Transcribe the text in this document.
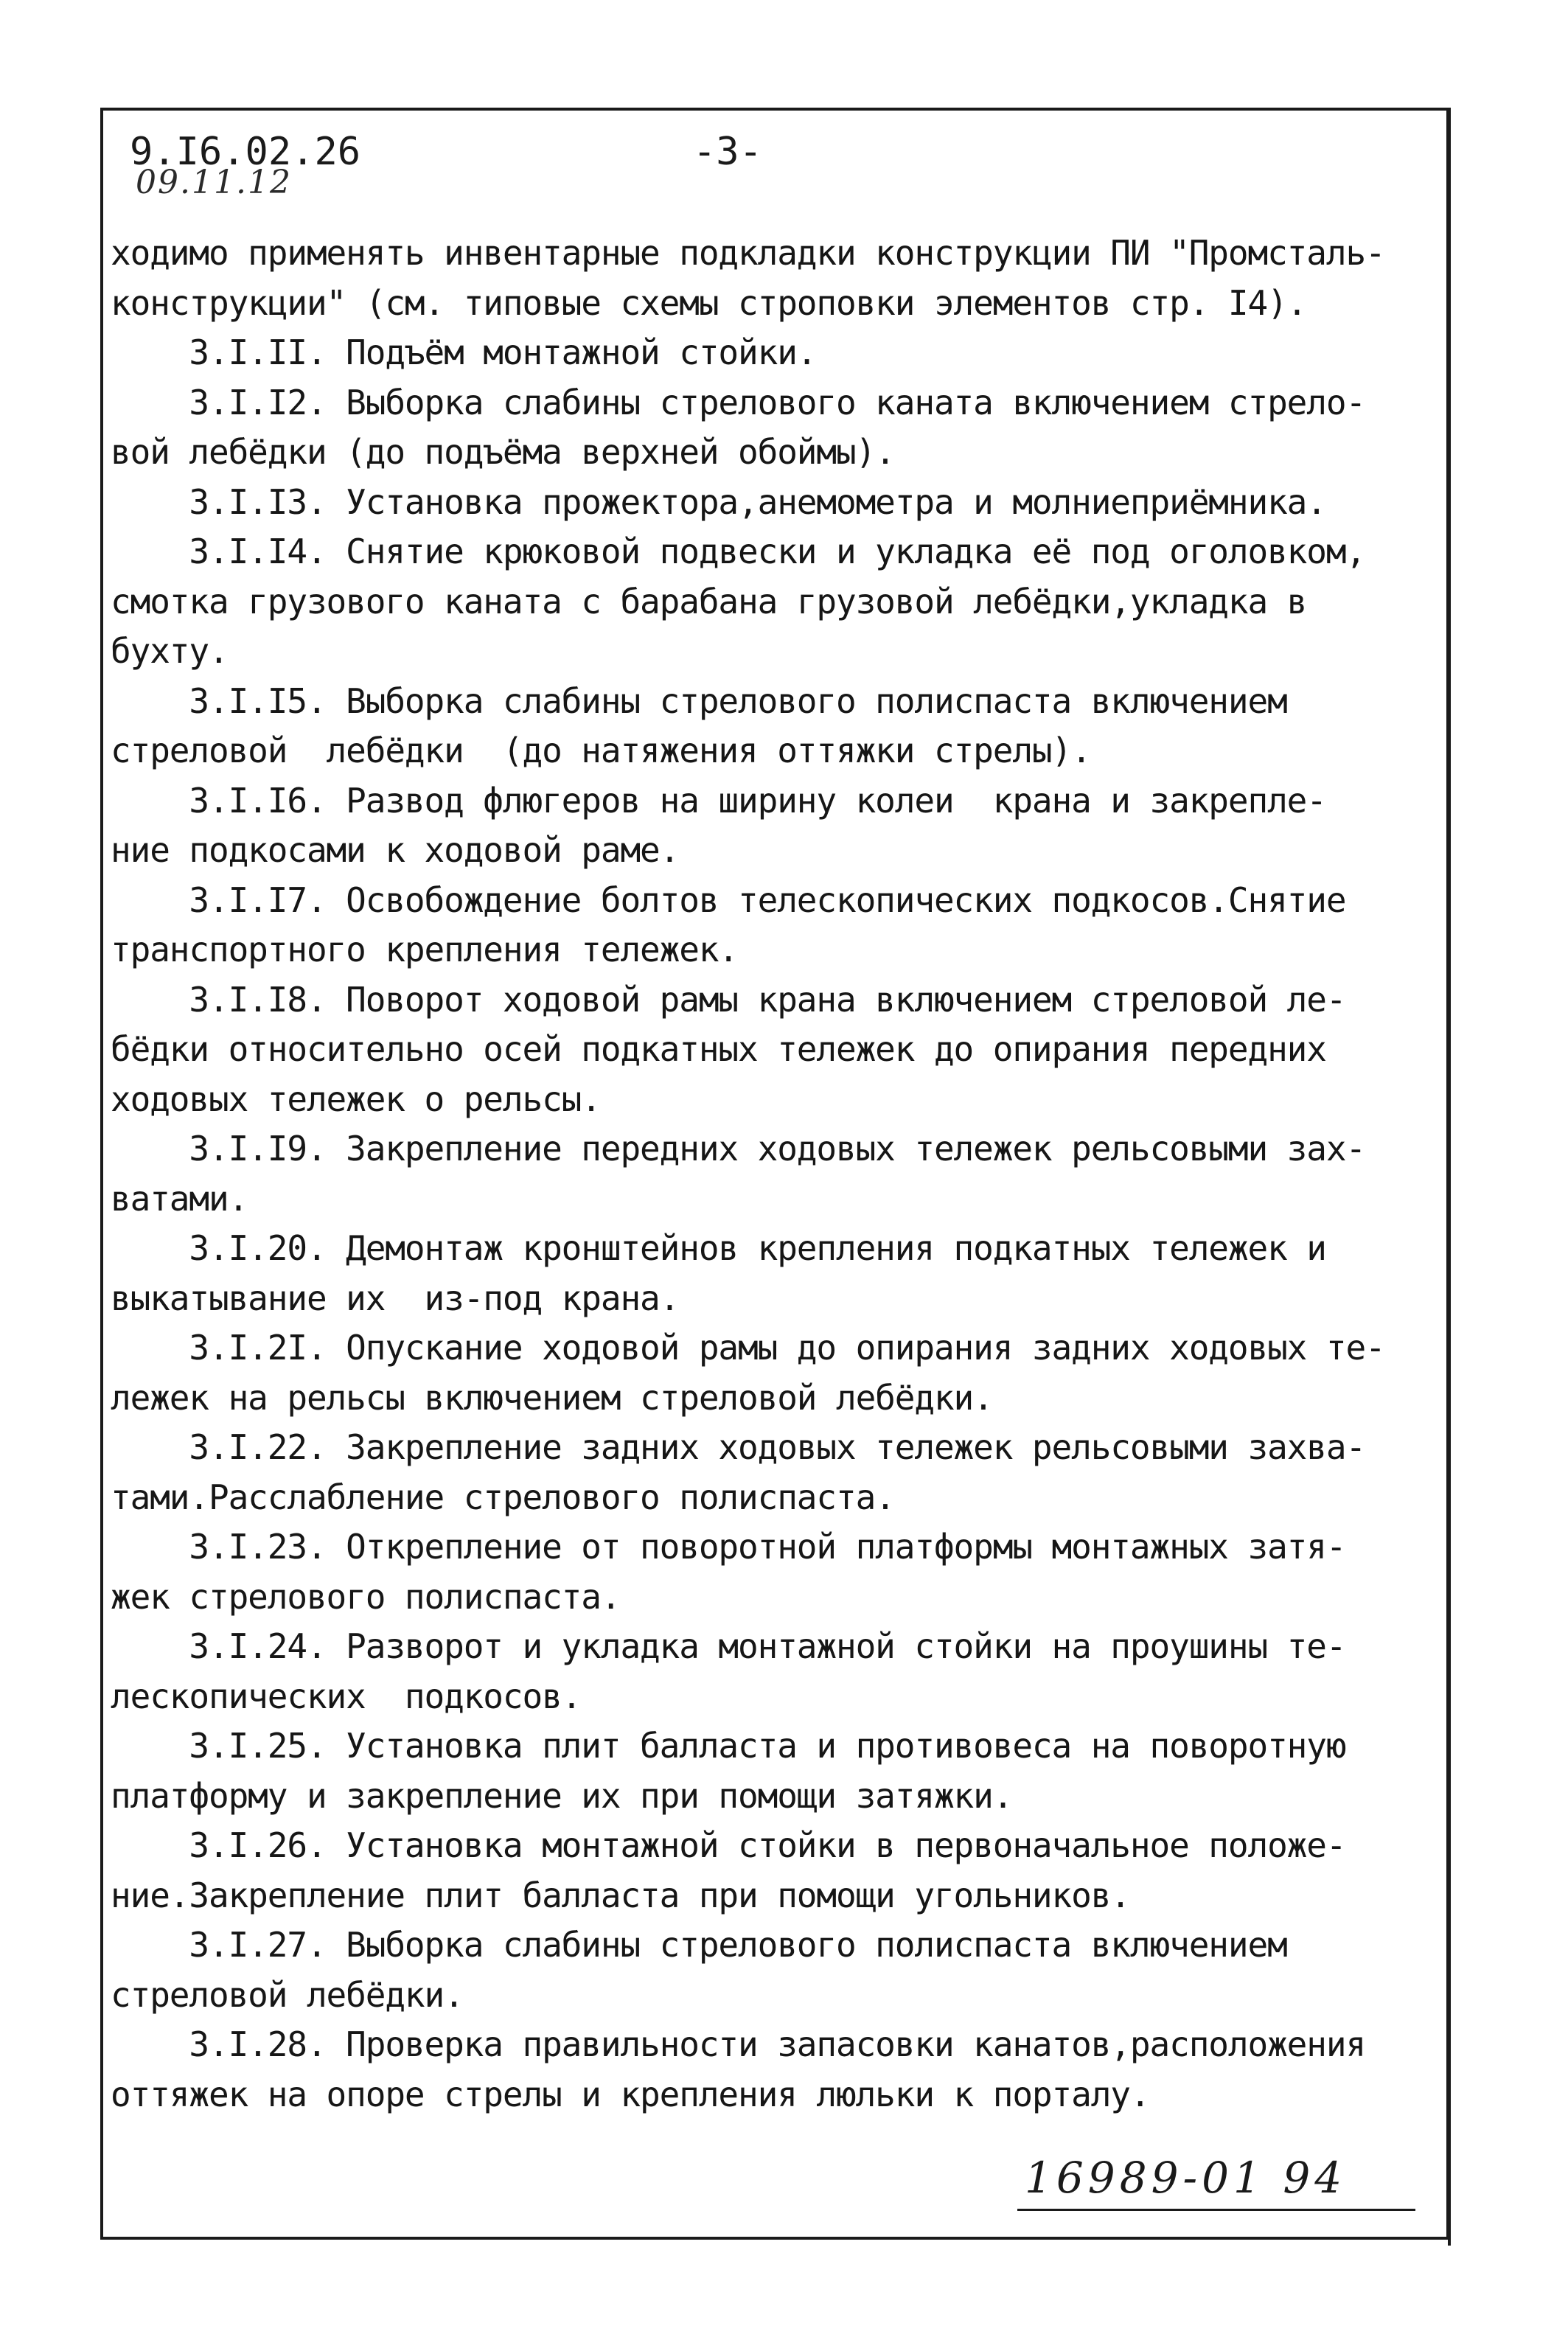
9.I6.02.26
09.11.12
-3-
ходимо применять инвентарные подкладки конструкции ПИ "Промсталь-
конструкции" (см. типовые схемы строповки элементов стр. I4).
3.I.II. Подъём монтажной стойки.
3.I.I2. Выборка слабины стрелового каната включением стрело-
вой лебёдки (до подъёма верхней обоймы).
3.I.I3. Установка прожектора,анемометра и молниеприёмника.
3.I.I4. Снятие крюковой подвески и укладка её под оголовком,
смотка грузового каната с барабана грузовой лебёдки,укладка в
бухту.
3.I.I5. Выборка слабины стрелового полиспаста включением
стреловой  лебёдки  (до натяжения оттяжки стрелы).
3.I.I6. Развод флюгеров на ширину колеи  крана и закрепле-
ние подкосами к ходовой раме.
3.I.I7. Освобождение болтов телескопических подкосов.Снятие
транспортного крепления тележек.
3.I.I8. Поворот ходовой рамы крана включением стреловой ле-
бёдки относительно осей подкатных тележек до опирания передних
ходовых тележек о рельсы.
3.I.I9. Закрепление передних ходовых тележек рельсовыми зах-
ватами.
3.I.20. Демонтаж кронштейнов крепления подкатных тележек и
выкатывание их  из-под крана.
3.I.2I. Опускание ходовой рамы до опирания задних ходовых те-
лежек на рельсы включением стреловой лебёдки.
3.I.22. Закрепление задних ходовых тележек рельсовыми захва-
тами.Расслабление стрелового полиспаста.
3.I.23. Открепление от поворотной платформы монтажных затя-
жек стрелового полиспаста.
3.I.24. Разворот и укладка монтажной стойки на проушины те-
лескопических  подкосов.
3.I.25. Установка плит балласта и противовеса на поворотную
платформу и закрепление их при помощи затяжки.
3.I.26. Установка монтажной стойки в первоначальное положе-
ние.Закрепление плит балласта при помощи угольников.
3.I.27. Выборка слабины стрелового полиспаста включением
стреловой лебёдки.
3.I.28. Проверка правильности запасовки канатов,расположения
оттяжек на опоре стрелы и крепления люльки к порталу.
16989-01 94
